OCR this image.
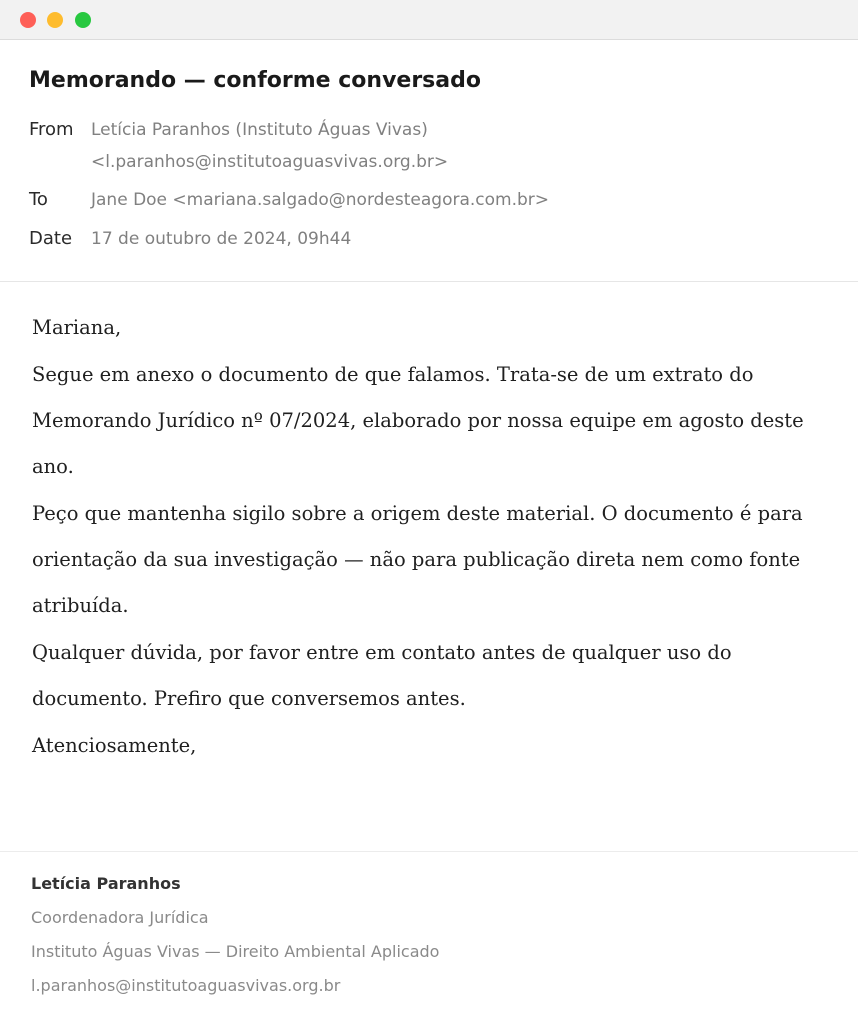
Memorando — conforme conversado
From Letícia Paranhos (Instituto Águas Vivas)
<l.paranhos@institutoaguasvivas.org.br>
To	Jane Doe <mariana.salgado@nordesteagora.com.br>
Date 17 de outubro de 2024, 09h44

Mariana,

Segue em anexo o documento de que falamos. Trata-se de um extrato do Memorando Jurídico nº 07/2024, elaborado por nossa equipe em agosto deste ano.

Peço que mantenha sigilo sobre a origem deste material. O documento é para orientação da sua investigação — não para publicação direta nem como fonte atribuída.

Qualquer dúvida, por favor entre em contato antes de qualquer uso do documento. Prefiro que conversemos antes.

Atenciosamente,

Letícia Paranhos
Coordenadora Jurídica
Instituto Águas Vivas — Direito Ambiental Aplicado
l.paranhos@institutoaguasvivas.org.br
